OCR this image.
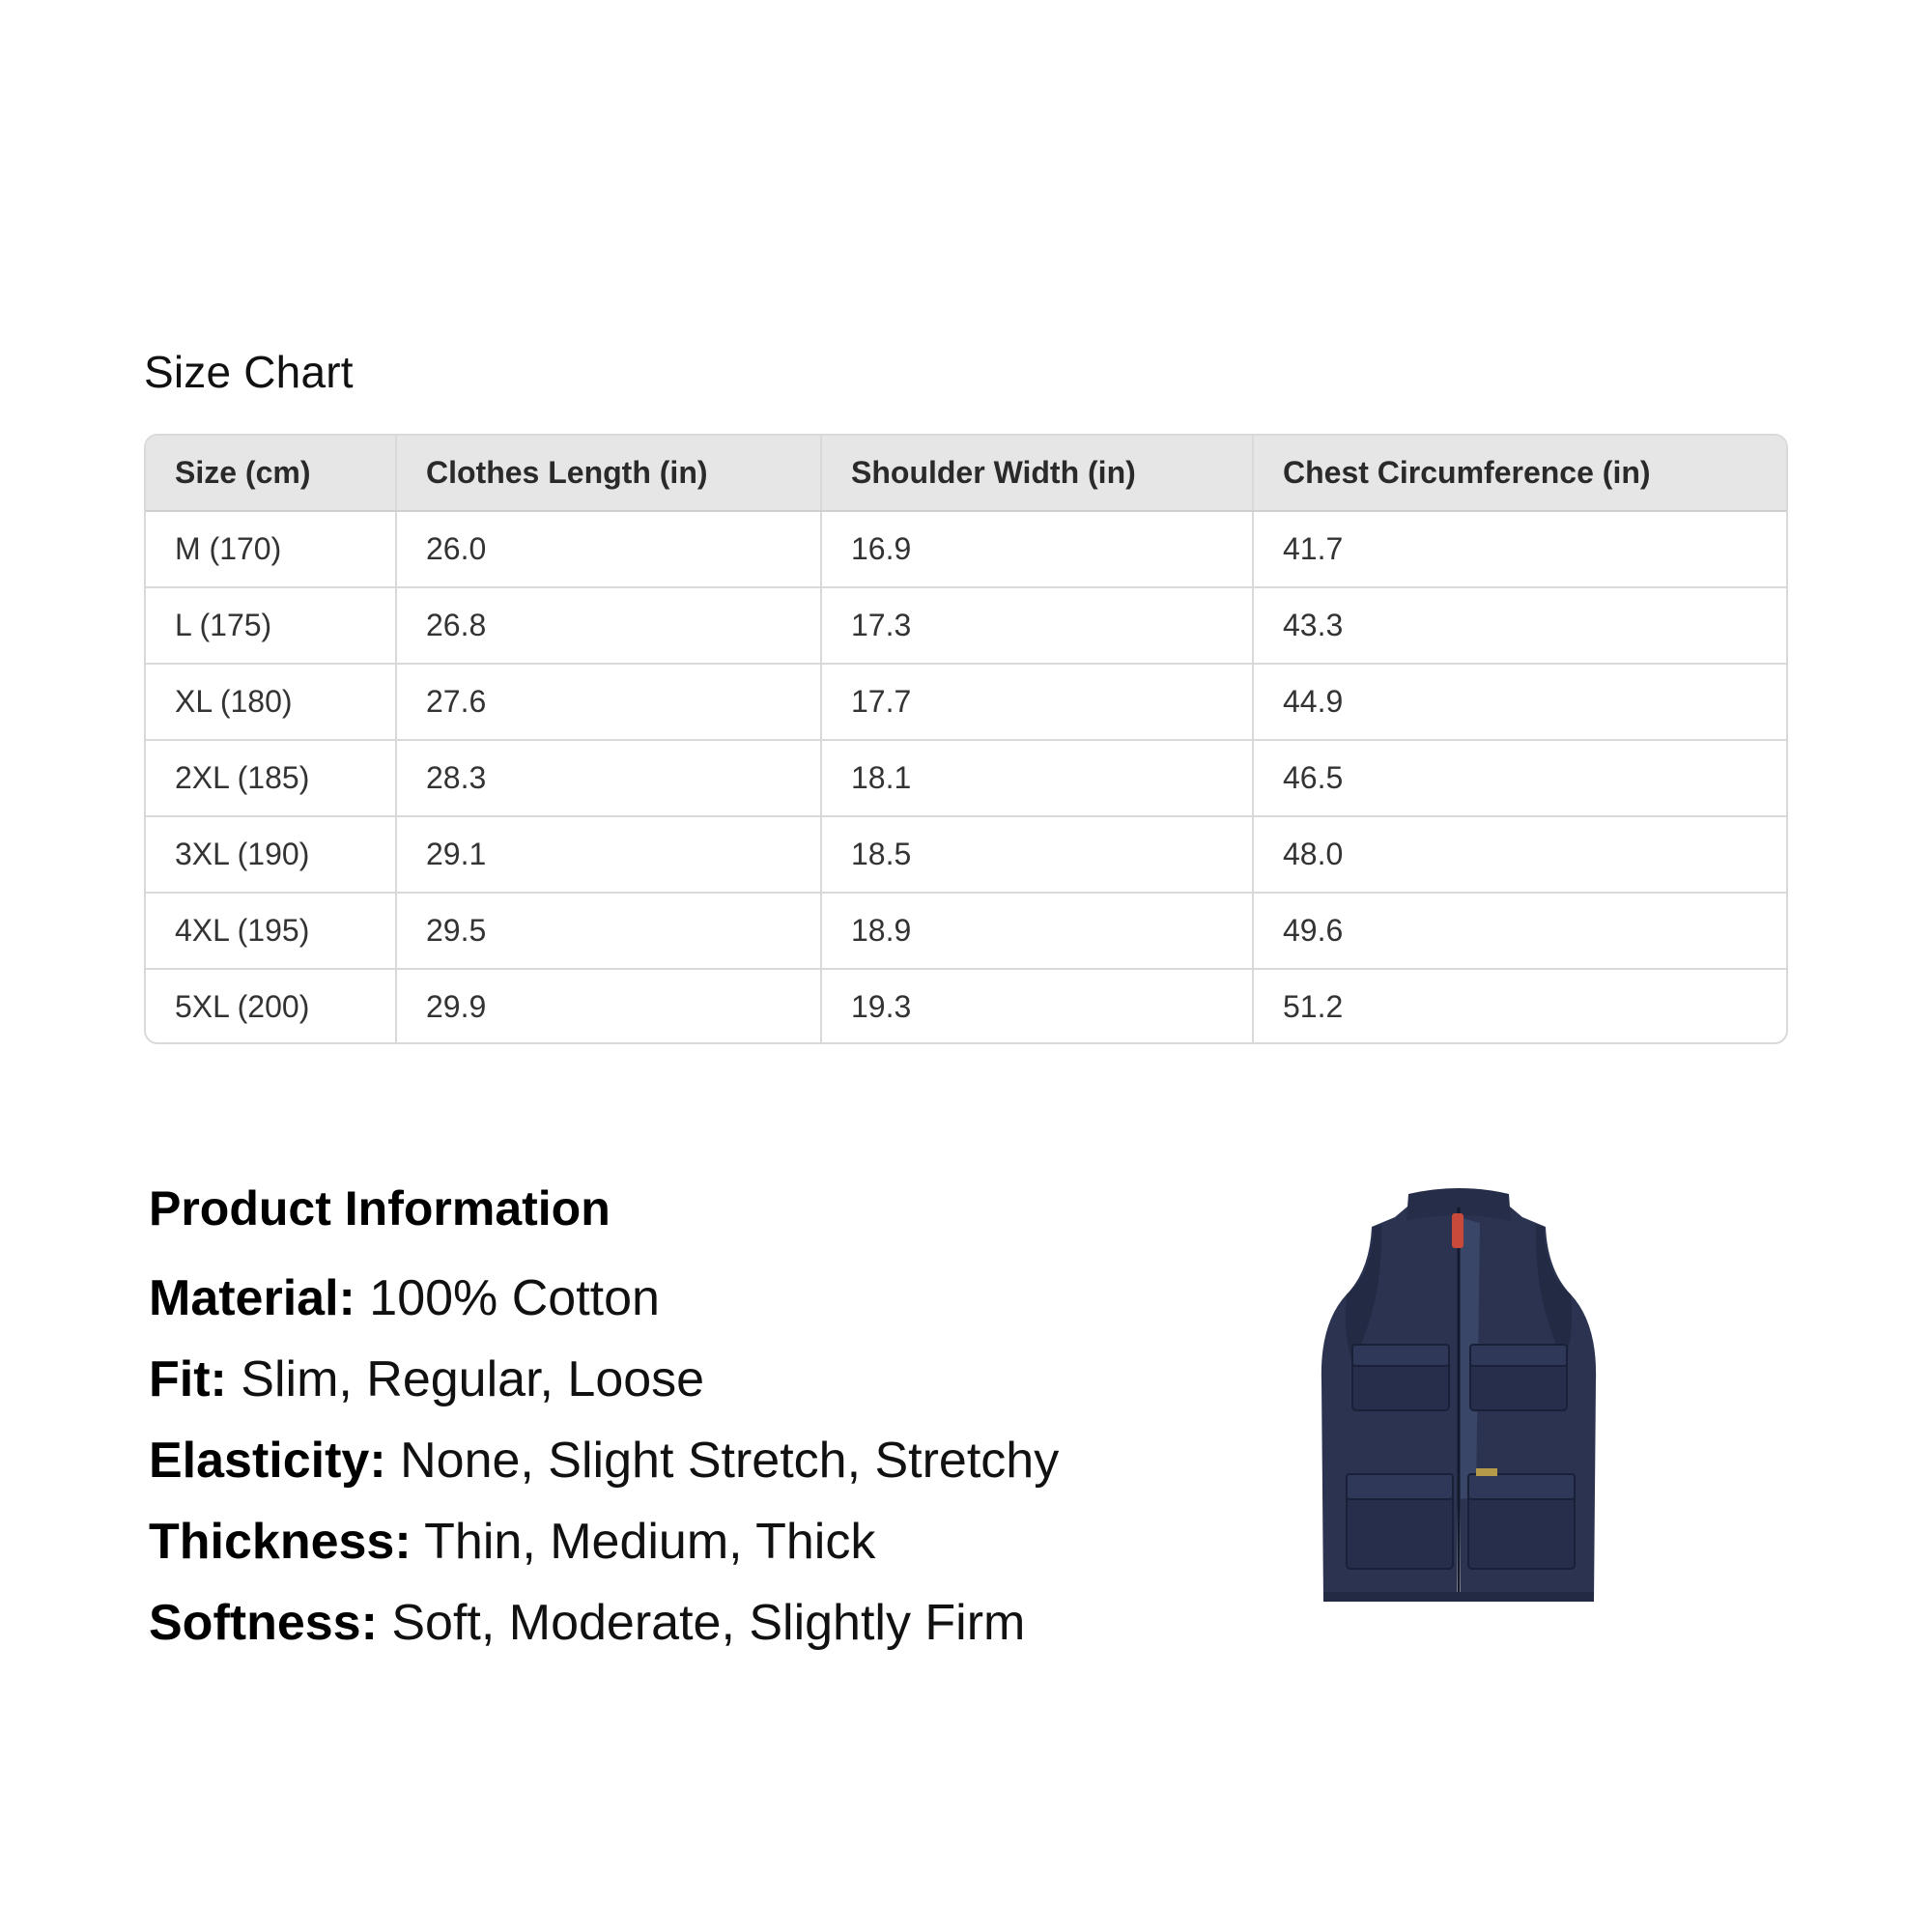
Size Chart
Size (cm)	Clothes Length (in)	Shoulder Width (in)	Chest Circumference (in)
M (170)	26.0	16.9	41.7
L (175)	26.8	17.3	43.3
XL (180)	27.6	17.7	44.9
2XL (185)	28.3	18.1	46.5
3XL (190)	29.1	18.5	48.0
4XL (195)	29.5	18.9	49.6
5XL (200)	29.9	19.3	51.2
Product Information
Material: 100% Cotton
Fit: Slim, Regular, Loose
Elasticity: None, Slight Stretch, Stretchy
Thickness: Thin, Medium, Thick
Softness: Soft, Moderate, Slightly Firm
